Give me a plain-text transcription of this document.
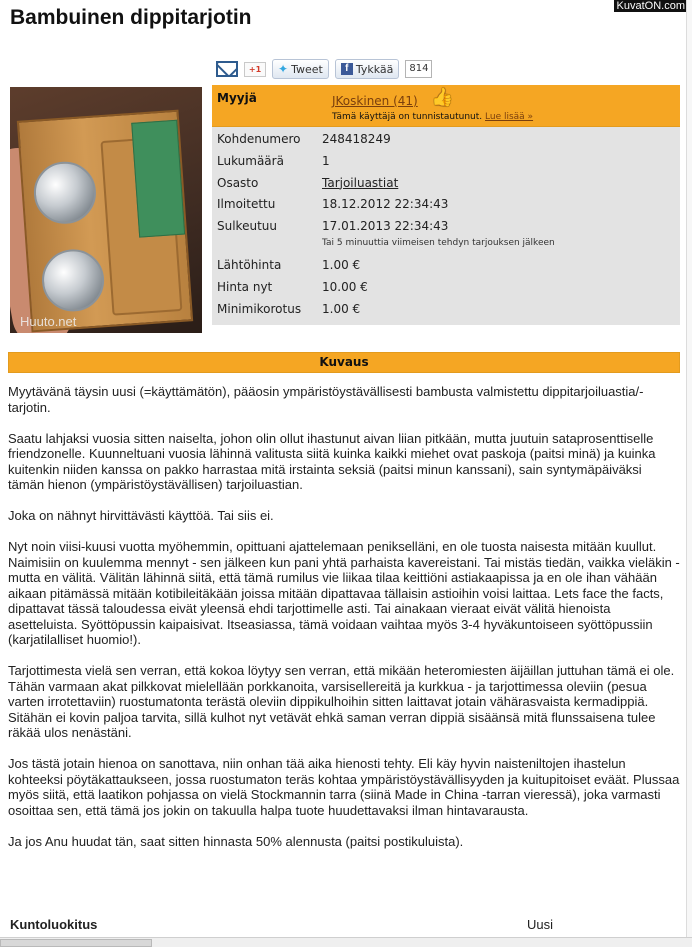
Bambuinen dippitarjotin	KuvatON.com
+1	✦ Tweet	f Tykkää	814
Huuto.net
Myyjä	JKoskinen (41) 👍
Tämä käyttäjä on tunnistautunut. Lue lisää »
Kohdenumero	248418249
Lukumäärä	1
Osasto	Tarjoiluastiat
Ilmoitettu	18.12.2012 22:34:43
Sulkeutuu	17.01.2013 22:34:43
Tai 5 minuuttia viimeisen tehdyn tarjouksen jälkeen
Lähtöhinta	1.00 €
Hinta nyt	10.00 €
Minimikorotus	1.00 €
Kuvaus

Myytävänä täysin uusi (=käyttämätön), pääosin ympäristöystävällisesti bambusta valmistettu dippitarjoiluastia/-tarjotin.

Saatu lahjaksi vuosia sitten naiselta, johon olin ollut ihastunut aivan liian pitkään, mutta juutuin sataprosenttiselle friendzonelle. Kuunneltuani vuosia lähinnä valitusta siitä kuinka kaikki miehet ovat paskoja (paitsi minä) ja kuinka kuitenkin niiden kanssa on pakko harrastaa mitä irstainta seksiä (paitsi minun kanssani), sain syntymäpäiväksi tämän hienon (ympäristöystävällisen) tarjoiluastian.

Joka on nähnyt hirvittävästi käyttöä. Tai siis ei.

Nyt noin viisi-kuusi vuotta myöhemmin, opittuani ajattelemaan penikselläni, en ole tuosta naisesta mitään kuullut. Naimisiin on kuulemma mennyt - sen jälkeen kun pani yhtä parhaista kavereistani. Tai mistäs tiedän, vaikka vieläkin - mutta en välitä. Välitän lähinnä siitä, että tämä rumilus vie liikaa tilaa keittiöni astiakaapissa ja en ole ihan vähään aikaan pitämässä mitään kotibileitäkään joissa mitään dipattavaa tällaisin astioihin voisi laittaa. Lets face the facts, dipattavat tässä taloudessa eivät yleensä ehdi tarjottimelle asti. Tai ainakaan vieraat eivät välitä hienoista asetteluista. Syöttöpussin kaipaisivat. Itseasiassa, tämä voidaan vaihtaa myös 3-4 hyväkuntoiseen syöttöpussiin (karjatilalliset huomio!).

Tarjottimesta vielä sen verran, että kokoa löytyy sen verran, että mikään heteromiesten äijäillan juttuhan tämä ei ole. Tähän varmaan akat pilkkovat mielellään porkkanoita, varsisellereitä ja kurkkua - ja tarjottimessa oleviin (pesua varten irrotettaviin) ruostumatonta terästä oleviin dippikulhoihin sitten laittavat jotain vähärasvaista kermadippiä. Sitähän ei kovin paljoa tarvita, sillä kulhot nyt vetävät ehkä saman verran dippiä sisäänsä mitä flunssaisena tulee räkää ulos nenästäni.

Jos tästä jotain hienoa on sanottava, niin onhan tää aika hienosti tehty. Eli käy hyvin naisteniltojen ihastelun kohteeksi pöytäkattaukseen, jossa ruostumaton teräs kohtaa ympäristöystävällisyyden ja kuitupitoiset eväät. Plussaa myös siitä, että laatikon pohjassa on vielä Stockmannin tarra (siinä Made in China -tarran vieressä), joka varmasti osoittaa sen, että tämä jos jokin on takuulla halpa tuote huudettavaksi ilman hintavarausta.

Ja jos Anu huudat tän, saat sitten hinnasta 50% alennusta (paitsi postikuluista).

Kuntoluokitus	Uusi
